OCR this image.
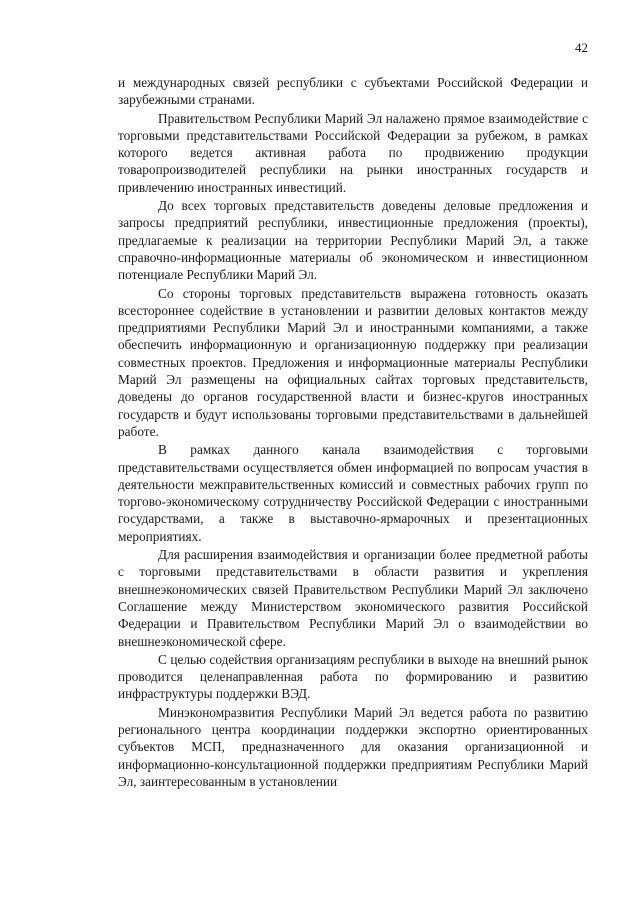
42

и международных связей республики с субъектами Российской Федерации и зарубежными странами.

Правительством Республики Марий Эл налажено прямое взаимодействие с торговыми представительствами Российской Федерации за рубежом, в рамках которого ведется активная работа по продвижению продукции товаропроизводителей республики на рынки иностранных государств и привлечению иностранных инвестиций.

До всех торговых представительств доведены деловые предложения и запросы предприятий республики, инвестиционные предложения (проекты), предлагаемые к реализации на территории Республики Марий Эл, а также справочно-информационные материалы об экономическом и инвестиционном потенциале Республики Марий Эл.

Со стороны торговых представительств выражена готовность оказать всестороннее содействие в установлении и развитии деловых контактов между предприятиями Республики Марий Эл и иностранными компаниями, а также обеспечить информационную и организационную поддержку при реализации совместных проектов. Предложения и информационные материалы Республики Марий Эл размещены на официальных сайтах торговых представительств, доведены до органов государственной власти и бизнес-кругов иностранных государств и будут использованы торговыми представительствами в дальнейшей работе.

В рамках данного канала взаимодействия с торговыми представительствами осуществляется обмен информацией по вопросам участия в деятельности межправительственных комиссий и совместных рабочих групп по торгово-экономическому сотрудничеству Российской Федерации с иностранными государствами, а также в выставочно-ярмарочных и презентационных мероприятиях.

Для расширения взаимодействия и организации более предметной работы с торговыми представительствами в области развития и укрепления внешнеэкономических связей Правительством Республики Марий Эл заключено Соглашение между Министерством экономического развития Российской Федерации и Правительством Республики Марий Эл о взаимодействии во внешнеэкономической сфере.

С целью содействия организациям республики в выходе на внешний рынок проводится целенаправленная работа по формированию и развитию инфраструктуры поддержки ВЭД.

Минэкономразвития Республики Марий Эл ведется работа по развитию регионального центра координации поддержки экспортно ориентированных субъектов МСП, предназначенного для оказания организационной и информационно-консультационной поддержки предприятиям Республики Марий Эл, заинтересованным в установлении
